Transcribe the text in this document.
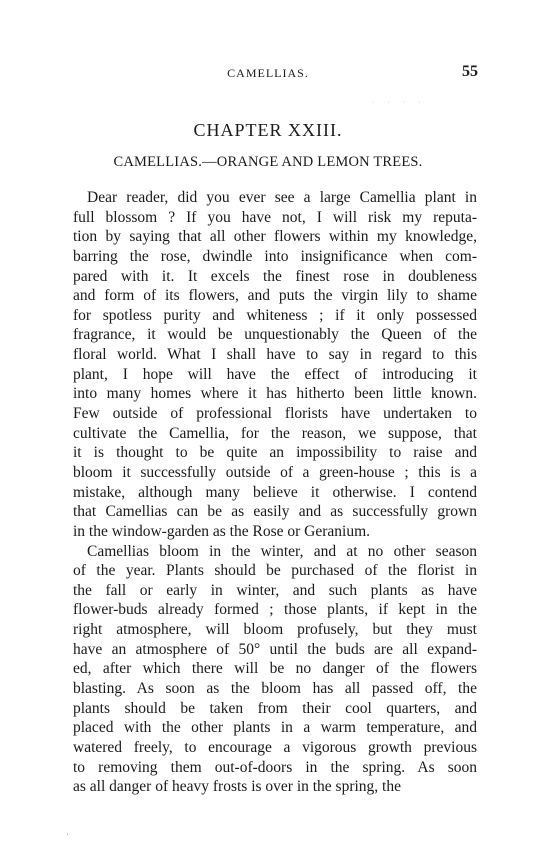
CAMELLIAS.	55
· · · ·
CHAPTER XXIII.
CAMELLIAS.—ORANGE AND LEMON TREES.
Dear reader, did you ever see a large Camellia plant in
full blossom ? If you have not, I will risk my reputa-
tion by saying that all other flowers within my knowledge,
barring the rose, dwindle into insignificance when com-
pared with it. It excels the finest rose in doubleness
and form of its flowers, and puts the virgin lily to shame
for spotless purity and whiteness ; if it only possessed
fragrance, it would be unquestionably the Queen of the
floral world. What I shall have to say in regard to this
plant, I hope will have the effect of introducing it
into many homes where it has hitherto been little known.
Few outside of professional florists have undertaken to
cultivate the Camellia, for the reason, we suppose, that
it is thought to be quite an impossibility to raise and
bloom it successfully outside of a green-house ; this is a
mistake, although many believe it otherwise. I contend
that Camellias can be as easily and as successfully grown
in the window-garden as the Rose or Geranium.
Camellias bloom in the winter, and at no other season
of the year. Plants should be purchased of the florist in
the fall or early in winter, and such plants as have
flower-buds already formed ; those plants, if kept in the
right atmosphere, will bloom profusely, but they must
have an atmosphere of 50° until the buds are all expand-
ed, after which there will be no danger of the flowers
blasting. As soon as the bloom has all passed off, the
plants should be taken from their cool quarters, and
placed with the other plants in a warm temperature, and
watered freely, to encourage a vigorous growth previous
to removing them out-of-doors in the spring. As soon
as all danger of heavy frosts is over in the spring, the
ˌ
